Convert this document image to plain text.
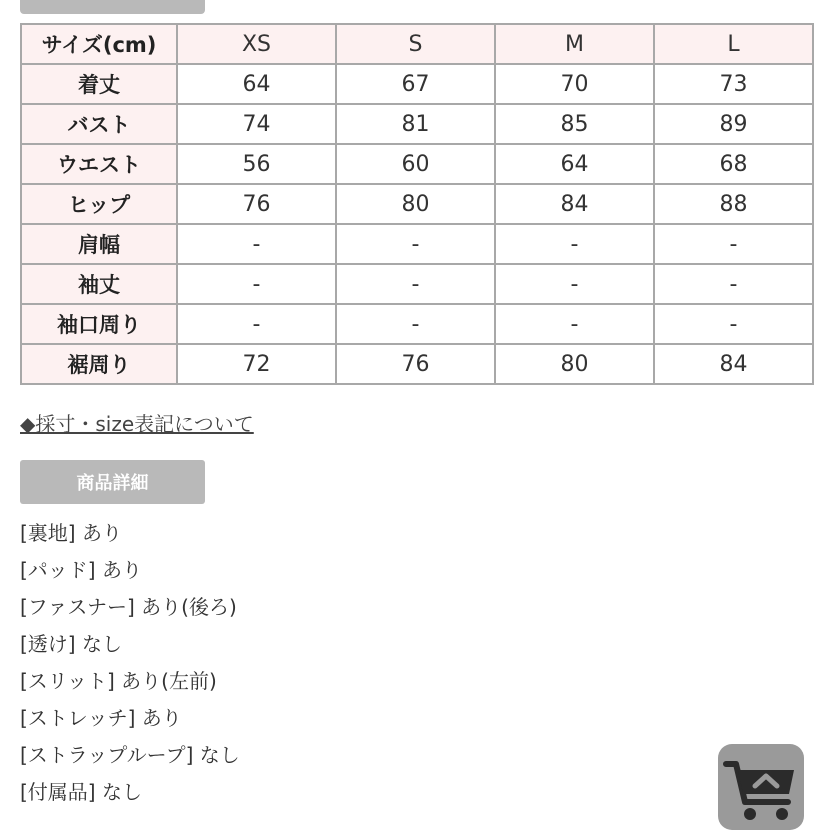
サイズ(cm)	XS	S	M	L
着丈	64	67	70	73
バスト	74	81	85	89
ウエスト	56	60	64	68
ヒップ	76	80	84	88
肩幅	-	-	-	-
袖丈	-	-	-	-
袖口周り	-	-	-	-
裾周り	72	76	80	84
◆採寸・size表記について
商品詳細
[裏地] あり
[パッド] あり
[ファスナー] あり(後ろ)
[透け] なし
[スリット] あり(左前)
[ストレッチ] あり
[ストラップループ] なし
[付属品] なし
